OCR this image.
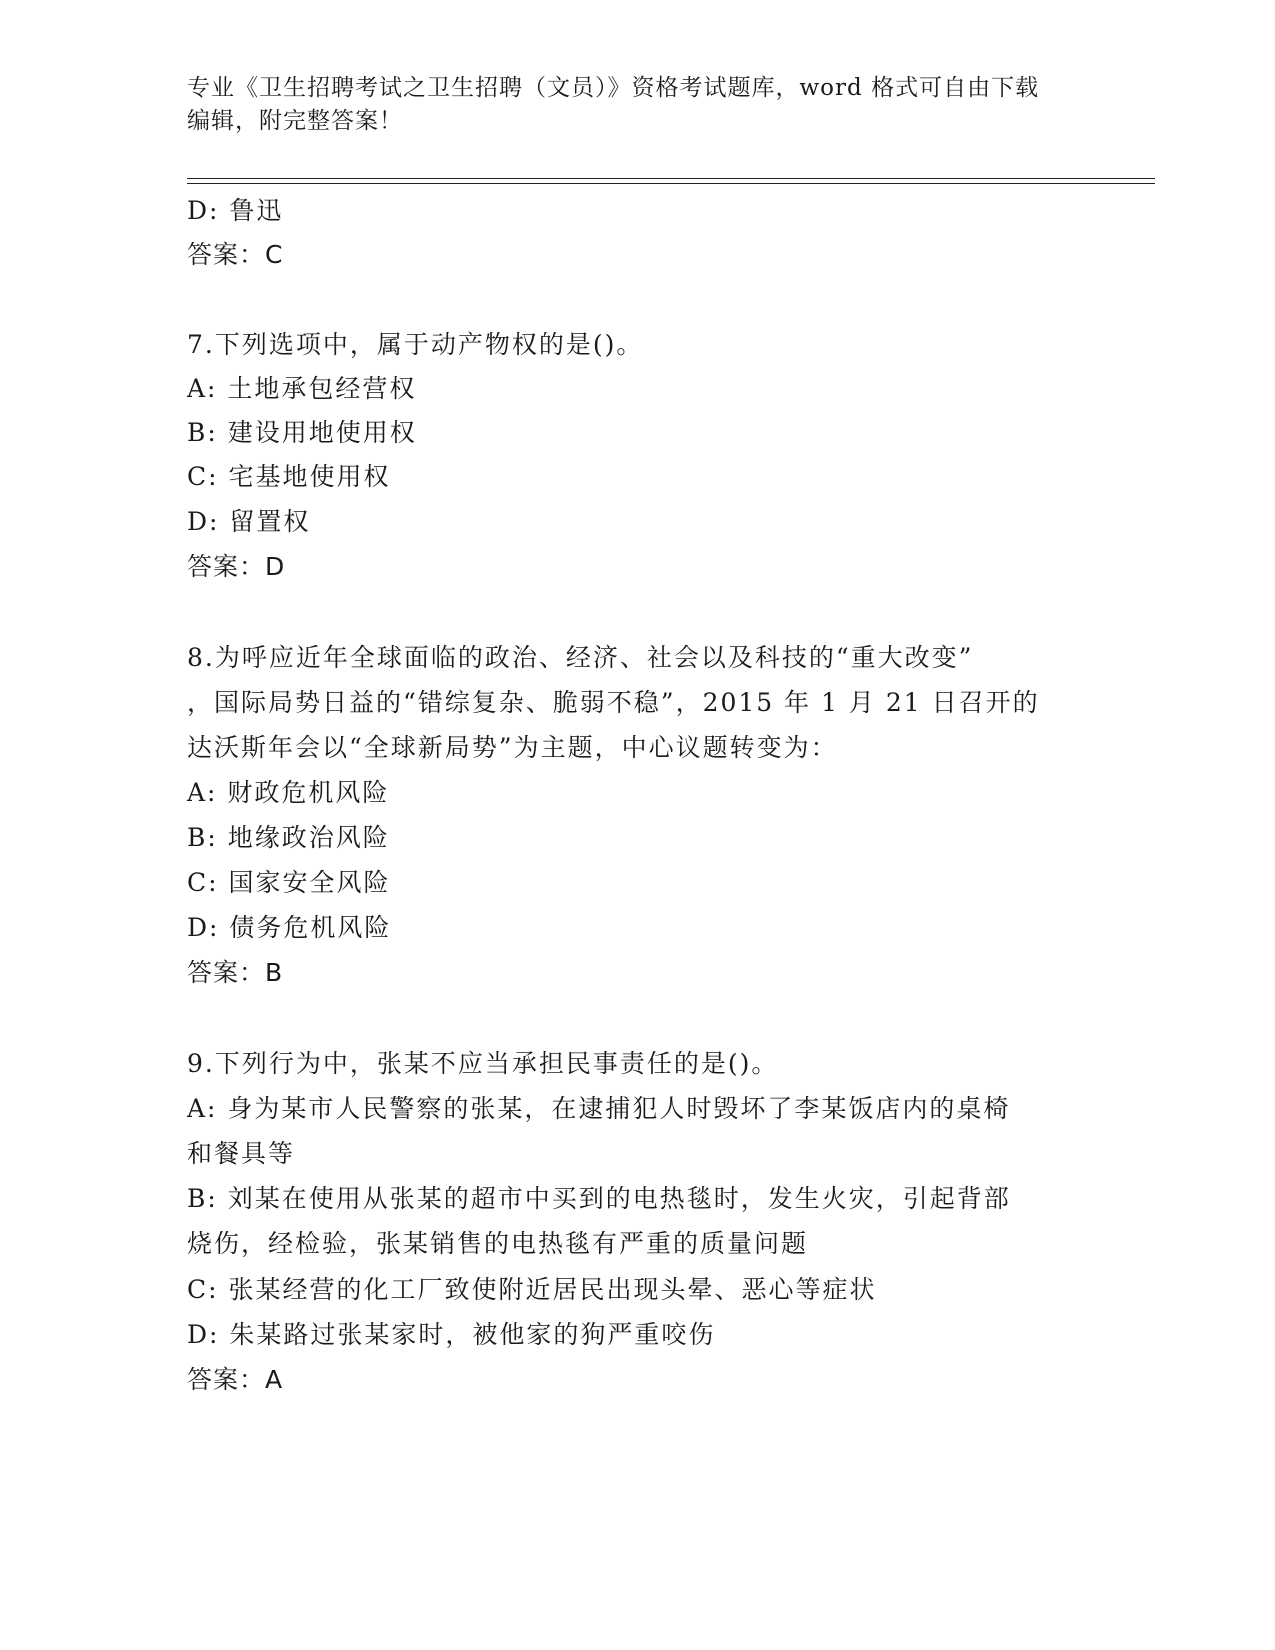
专业《卫生招聘考试之卫生招聘（文员）》资格考试题库，word 格式可自由下载
编辑，附完整答案！
D: 鲁迅
答案：C
7.下列选项中，属于动产物权的是()。
A: 土地承包经营权
B: 建设用地使用权
C: 宅基地使用权
D: 留置权
答案：D
8.为呼应近年全球面临的政治、经济、社会以及科技的“重大改变”
，国际局势日益的“错综复杂、脆弱不稳”，2015 年 1 月 21 日召开的
达沃斯年会以“全球新局势”为主题，中心议题转变为：
A: 财政危机风险
B: 地缘政治风险
C: 国家安全风险
D: 债务危机风险
答案：B
9.下列行为中，张某不应当承担民事责任的是()。
A: 身为某市人民警察的张某，在逮捕犯人时毁坏了李某饭店内的桌椅
和餐具等
B: 刘某在使用从张某的超市中买到的电热毯时，发生火灾，引起背部
烧伤，经检验，张某销售的电热毯有严重的质量问题
C: 张某经营的化工厂致使附近居民出现头晕、恶心等症状
D: 朱某路过张某家时，被他家的狗严重咬伤
答案：A
